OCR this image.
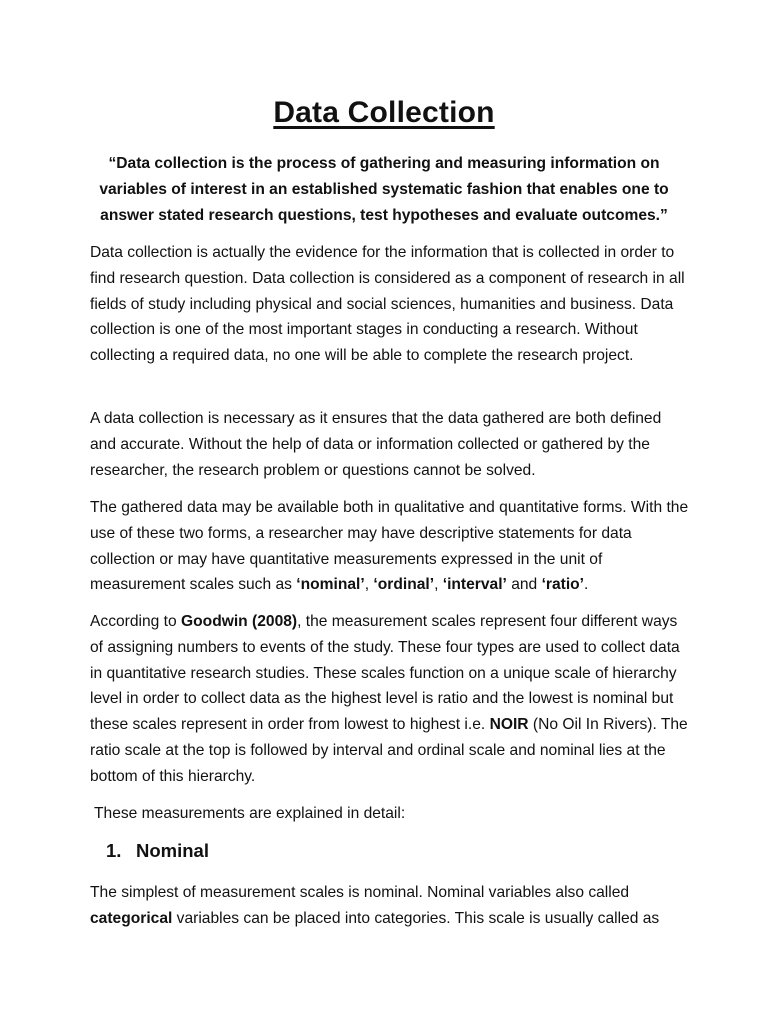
Data Collection
“Data collection is the process of gathering and measuring information on variables of interest in an established systematic fashion that enables one to answer stated research questions, test hypotheses and evaluate outcomes.”

Data collection is actually the evidence for the information that is collected in order to find research question. Data collection is considered as a component of research in all fields of study including physical and social sciences, humanities and business. Data collection is one of the most important stages in conducting a research. Without collecting a required data, no one will be able to complete the research project.

A data collection is necessary as it ensures that the data gathered are both defined and accurate. Without the help of data or information collected or gathered by the researcher, the research problem or questions cannot be solved.

The gathered data may be available both in qualitative and quantitative forms. With the use of these two forms, a researcher may have descriptive statements for data collection or may have quantitative measurements expressed in the unit of measurement scales such as ‘nominal’, ‘ordinal’, ‘interval’ and ‘ratio’.

According to Goodwin (2008), the measurement scales represent four different ways of assigning numbers to events of the study. These four types are used to collect data in quantitative research studies. These scales function on a unique scale of hierarchy level in order to collect data as the highest level is ratio and the lowest is nominal but these scales represent in order from lowest to highest i.e. NOIR (No Oil In Rivers). The ratio scale at the top is followed by interval and ordinal scale and nominal lies at the bottom of this hierarchy.

These measurements are explained in detail:

1. Nominal

The simplest of measurement scales is nominal. Nominal variables also called categorical variables can be placed into categories. This scale is usually called as
